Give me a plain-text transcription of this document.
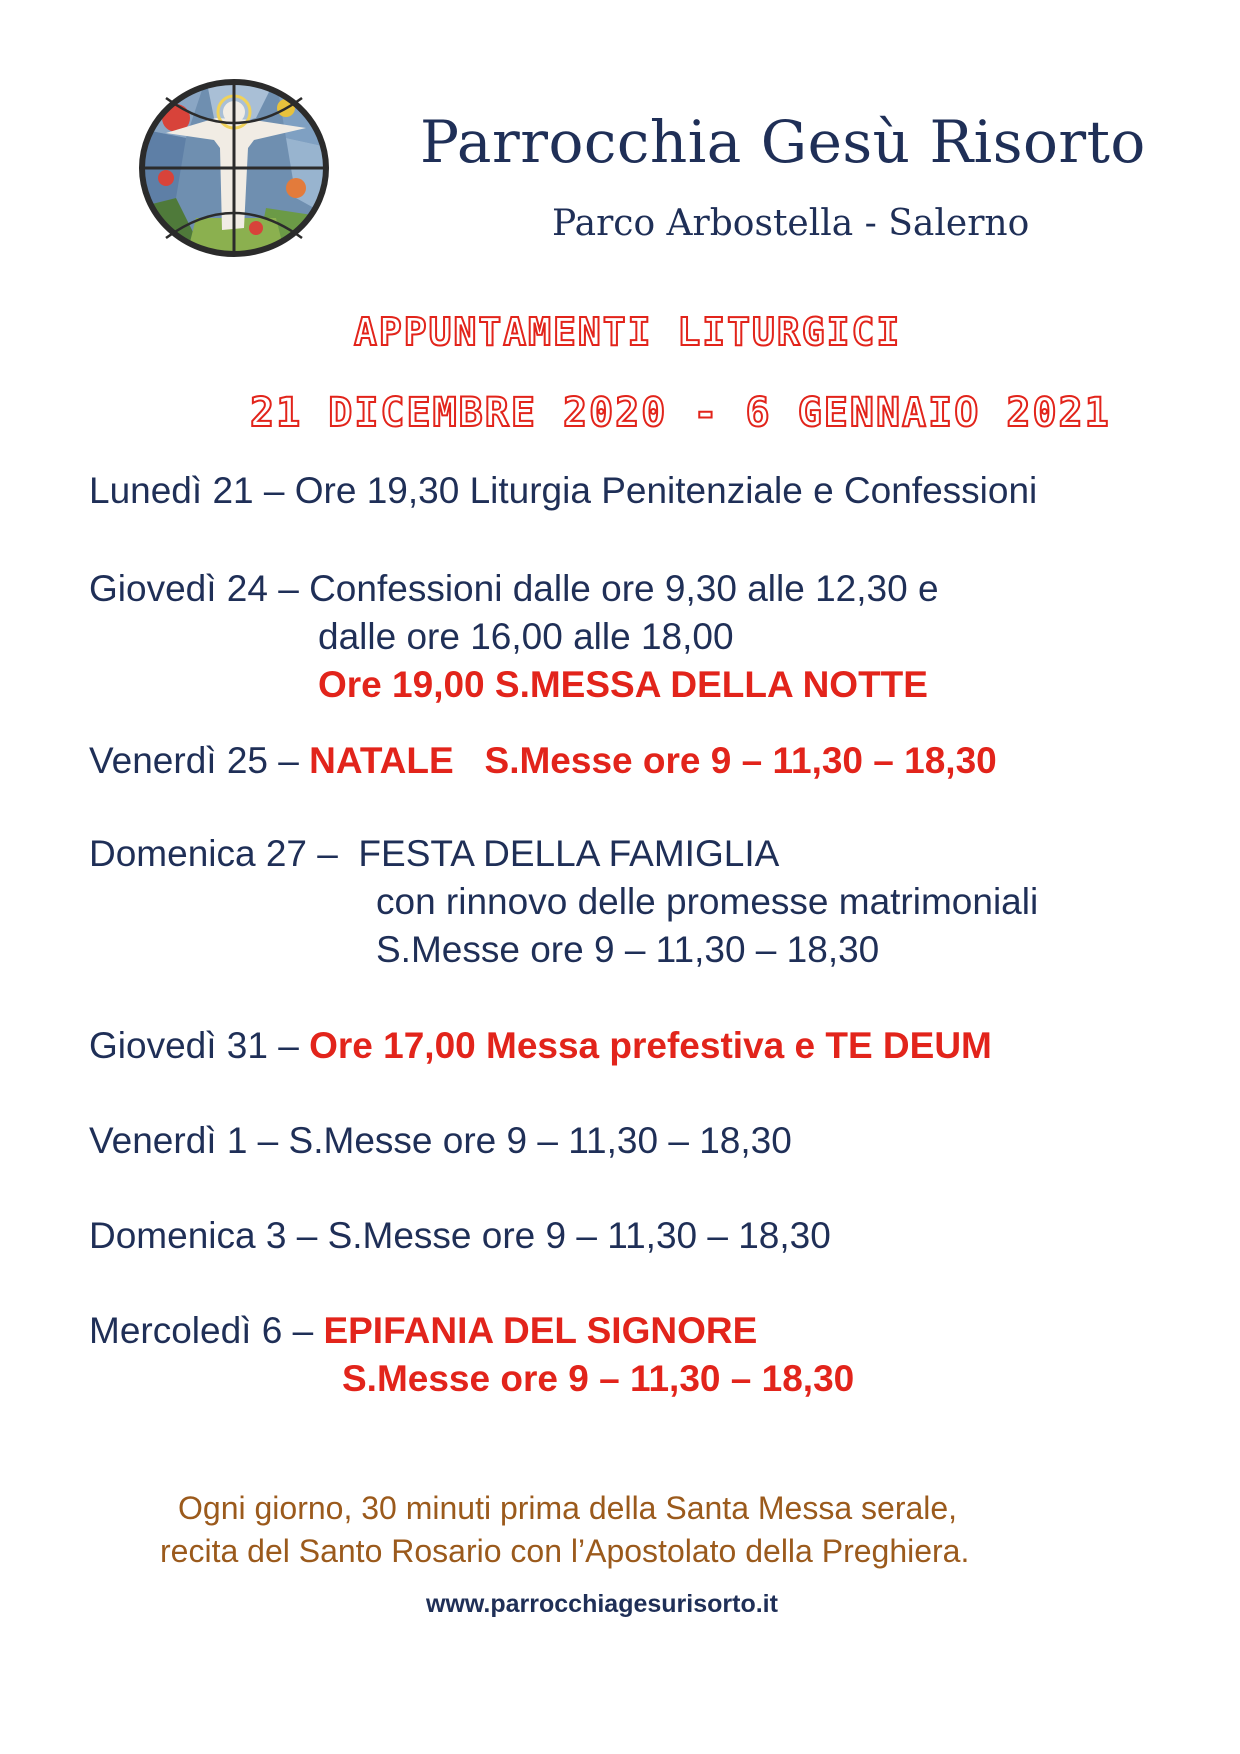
Parrocchia Gesù Risorto
Parco Arbostella - Salerno
APPUNTAMENTI LITURGICI
21 DICEMBRE 2020 - 6 GENNAIO 2021
Lunedì 21 – Ore 19,30 Liturgia Penitenziale e Confessioni
Giovedì 24 – Confessioni dalle ore 9,30 alle 12,30 e
dalle ore 16,00 alle 18,00
Ore 19,00 S.MESSA DELLA NOTTE
Venerdì 25 – NATALE   S.Messe ore 9 – 11,30 – 18,30
Domenica 27 –  FESTA DELLA FAMIGLIA
con rinnovo delle promesse matrimoniali
S.Messe ore 9 – 11,30 – 18,30
Giovedì 31 – Ore 17,00 Messa prefestiva e TE DEUM
Venerdì 1 – S.Messe ore 9 – 11,30 – 18,30
Domenica 3 – S.Messe ore 9 – 11,30 – 18,30
Mercoledì 6 – EPIFANIA DEL SIGNORE
S.Messe ore 9 – 11,30 – 18,30
Ogni giorno, 30 minuti prima della Santa Messa serale,
recita del Santo Rosario con l’Apostolato della Preghiera.
www.parrocchiagesurisorto.it
